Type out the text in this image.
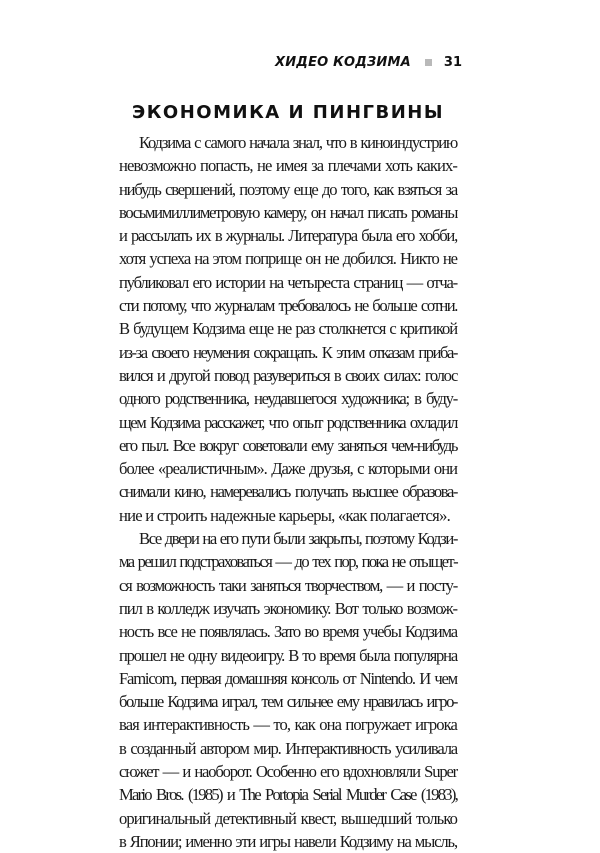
ХИДЕО КОДЗИМА	31
ЭКОНОМИКА И ПИНГВИНЫ
Кодзима с самого начала знал, что в киноиндустрию
невозможно попасть, не имея за плечами хоть каких-
нибудь свершений, поэтому еще до того, как взяться за
восьмимиллиметровую камеру, он начал писать романы
и рассылать их в журналы. Литература была его хобби,
хотя успеха на этом поприще он не добился. Никто не
публиковал его истории на четыреста страниц — отча-
сти потому, что журналам требовалось не больше сотни.
В будущем Кодзима еще не раз столкнется с критикой
из-за своего неумения сокращать. К этим отказам приба-
вился и другой повод разувериться в своих силах: голос
одного родственника, неудавшегося художника; в буду-
щем Кодзима расскажет, что опыт родственника охладил
его пыл. Все вокруг советовали ему заняться чем-нибудь
более «реалистичным». Даже друзья, с которыми они
снимали кино, намеревались получать высшее образова-
ние и строить надежные карьеры, «как полагается».
Все двери на его пути были закрыты, поэтому Кодзи-
ма решил подстраховаться — до тех пор, пока не отыщет-
ся возможность таки заняться творчеством, — и посту-
пил в колледж изучать экономику. Вот только возмож-
ность все не появлялась. Зато во время учебы Кодзима
прошел не одну видеоигру. В то время была популярна
Famicom, первая домашняя консоль от Nintendo. И чем
больше Кодзима играл, тем сильнее ему нравилась игро-
вая интерактивность — то, как она погружает игрока
в созданный автором мир. Интерактивность усиливала
сюжет — и наоборот. Особенно его вдохновляли Super
Mario Bros. (1985) и The Portopia Serial Murder Case (1983),
оригинальный детективный квест, вышедший только
в Японии; именно эти игры навели Кодзиму на мысль,
